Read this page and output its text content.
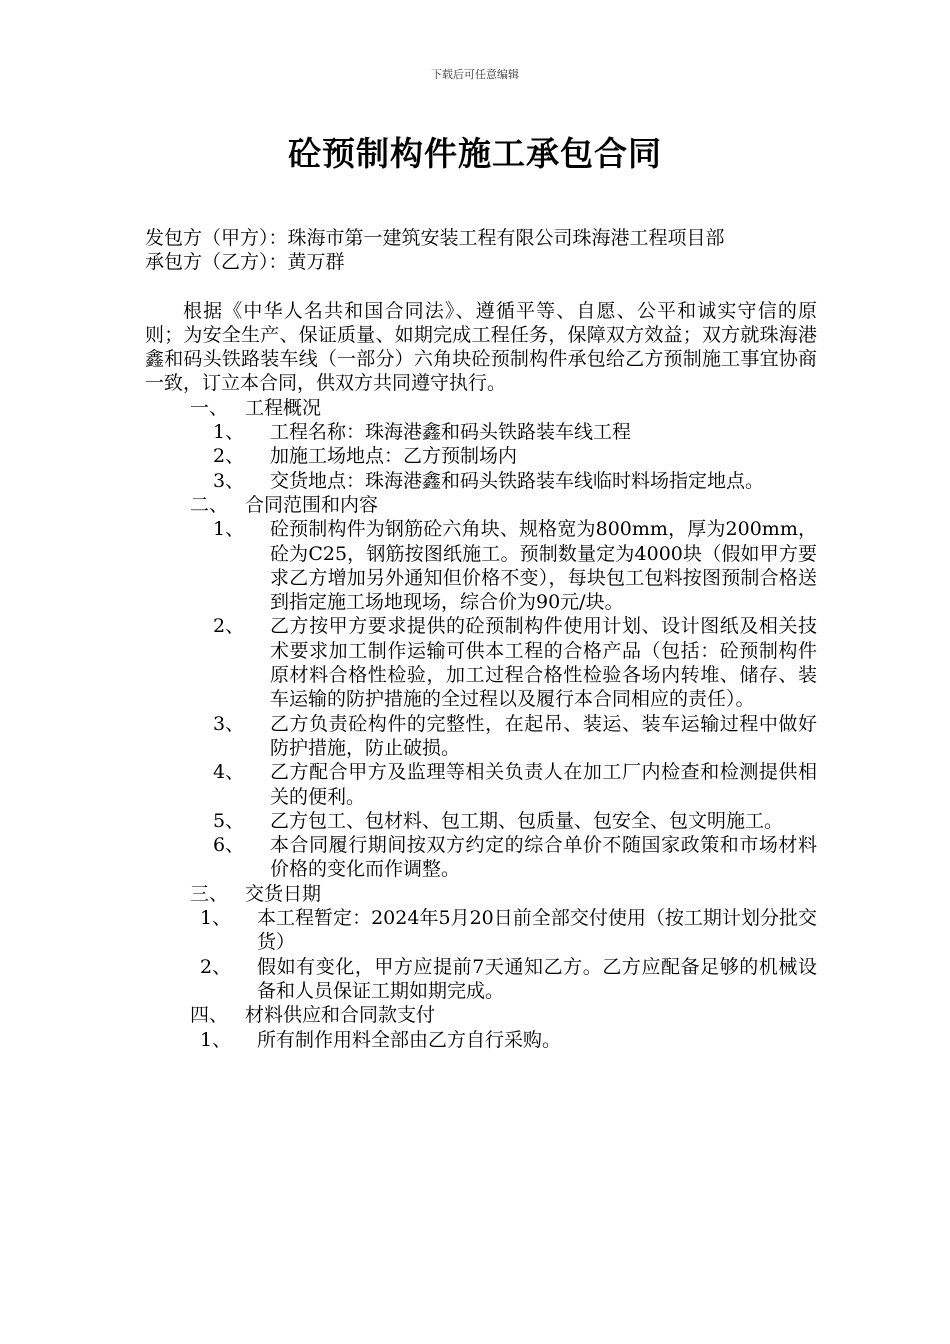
下载后可任意编辑
砼预制构件施工承包合同

发包方（甲方）：珠海市第一建筑安装工程有限公司珠海港工程项目部

承包方（乙方）：黄万群

根据《中华人名共和国合同法》、遵循平等、自愿、公平和诚实守信的原则；为安全生产、保证质量、如期完成工程任务，保障双方效益；双方就珠海港鑫和码头铁路装车线（一部分）六角块砼预制构件承包给乙方预制施工事宜协商一致，订立本合同，供双方共同遵守执行。

一、 工程概况
1、	工程名称：珠海港鑫和码头铁路装车线工程
2、	加施工场地点：乙方预制场内
3、	交货地点：珠海港鑫和码头铁路装车线临时料场指定地点。
二、 合同范围和内容
1、	砼预制构件为钢筋砼六角块、规格宽为800mm，厚为200mm，砼为C25，钢筋按图纸施工。预制数量定为4000块（假如甲方要求乙方增加另外通知但价格不变），每块包工包料按图预制合格送到指定施工场地现场，综合价为90元/块。
2、	乙方按甲方要求提供的砼预制构件使用计划、设计图纸及相关技术要求加工制作运输可供本工程的合格产品（包括：砼预制构件原材料合格性检验，加工过程合格性检验各场内转堆、储存、装车运输的防护措施的全过程以及履行本合同相应的责任）。
3、	乙方负责砼构件的完整性，在起吊、装运、装车运输过程中做好防护措施，防止破损。
4、	乙方配合甲方及监理等相关负责人在加工厂内检查和检测提供相关的便利。
5、	乙方包工、包材料、包工期、包质量、包安全、包文明施工。
6、	本合同履行期间按双方约定的综合单价不随国家政策和市场材料价格的变化而作调整。
三、 交货日期
1、	本工程暂定：2024年5月20日前全部交付使用（按工期计划分批交货）
2、	假如有变化，甲方应提前7天通知乙方。乙方应配备足够的机械设备和人员保证工期如期完成。
四、 材料供应和合同款支付
1、	所有制作用料全部由乙方自行采购。
